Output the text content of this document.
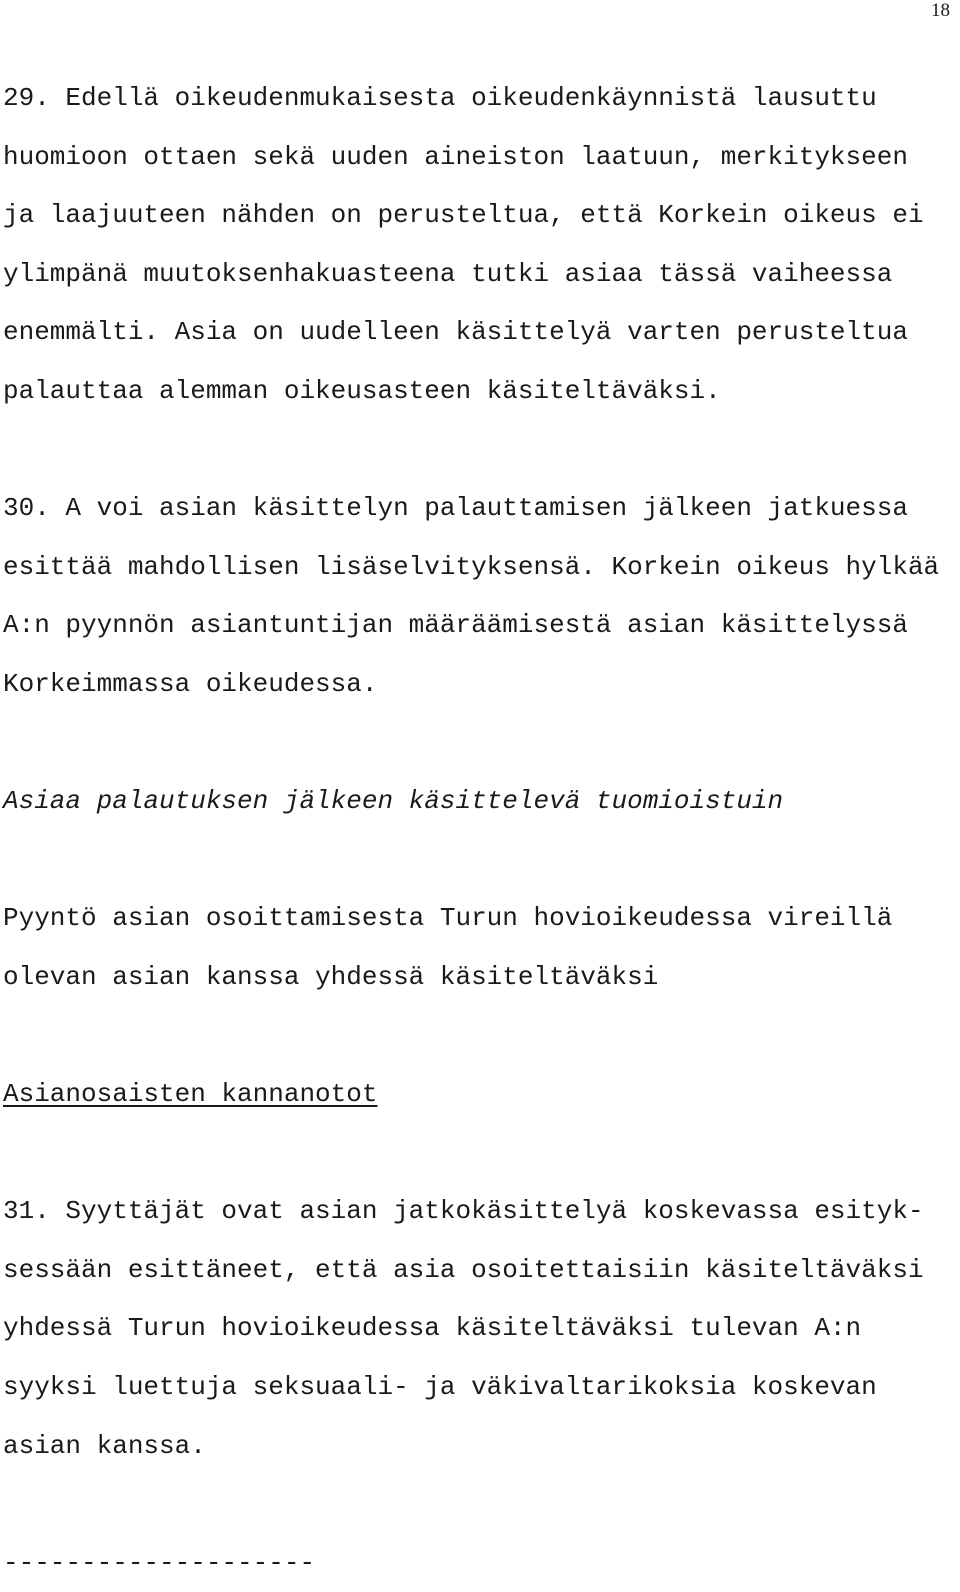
18
29. Edellä oikeudenmukaisesta oikeudenkäynnistä lausuttu
huomioon ottaen sekä uuden aineiston laatuun, merkitykseen
ja laajuuteen nähden on perusteltua, että Korkein oikeus ei
ylimpänä muutoksenhakuasteena tutki asiaa tässä vaiheessa
enemmälti. Asia on uudelleen käsittelyä varten perusteltua
palauttaa alemman oikeusasteen käsiteltäväksi.
30. A voi asian käsittelyn palauttamisen jälkeen jatkuessa
esittää mahdollisen lisäselvityksensä. Korkein oikeus hylkää
A:n pyynnön asiantuntijan määräämisestä asian käsittelyssä
Korkeimmassa oikeudessa.
Asiaa palautuksen jälkeen käsittelevä tuomioistuin
Pyyntö asian osoittamisesta Turun hovioikeudessa vireillä
olevan asian kanssa yhdessä käsiteltäväksi
Asianosaisten kannanotot
31. Syyttäjät ovat asian jatkokäsittelyä koskevassa esityk-
sessään esittäneet, että asia osoitettaisiin käsiteltäväksi
yhdessä Turun hovioikeudessa käsiteltäväksi tulevan A:n
syyksi luettuja seksuaali- ja väkivaltarikoksia koskevan
asian kanssa.
--------------------
